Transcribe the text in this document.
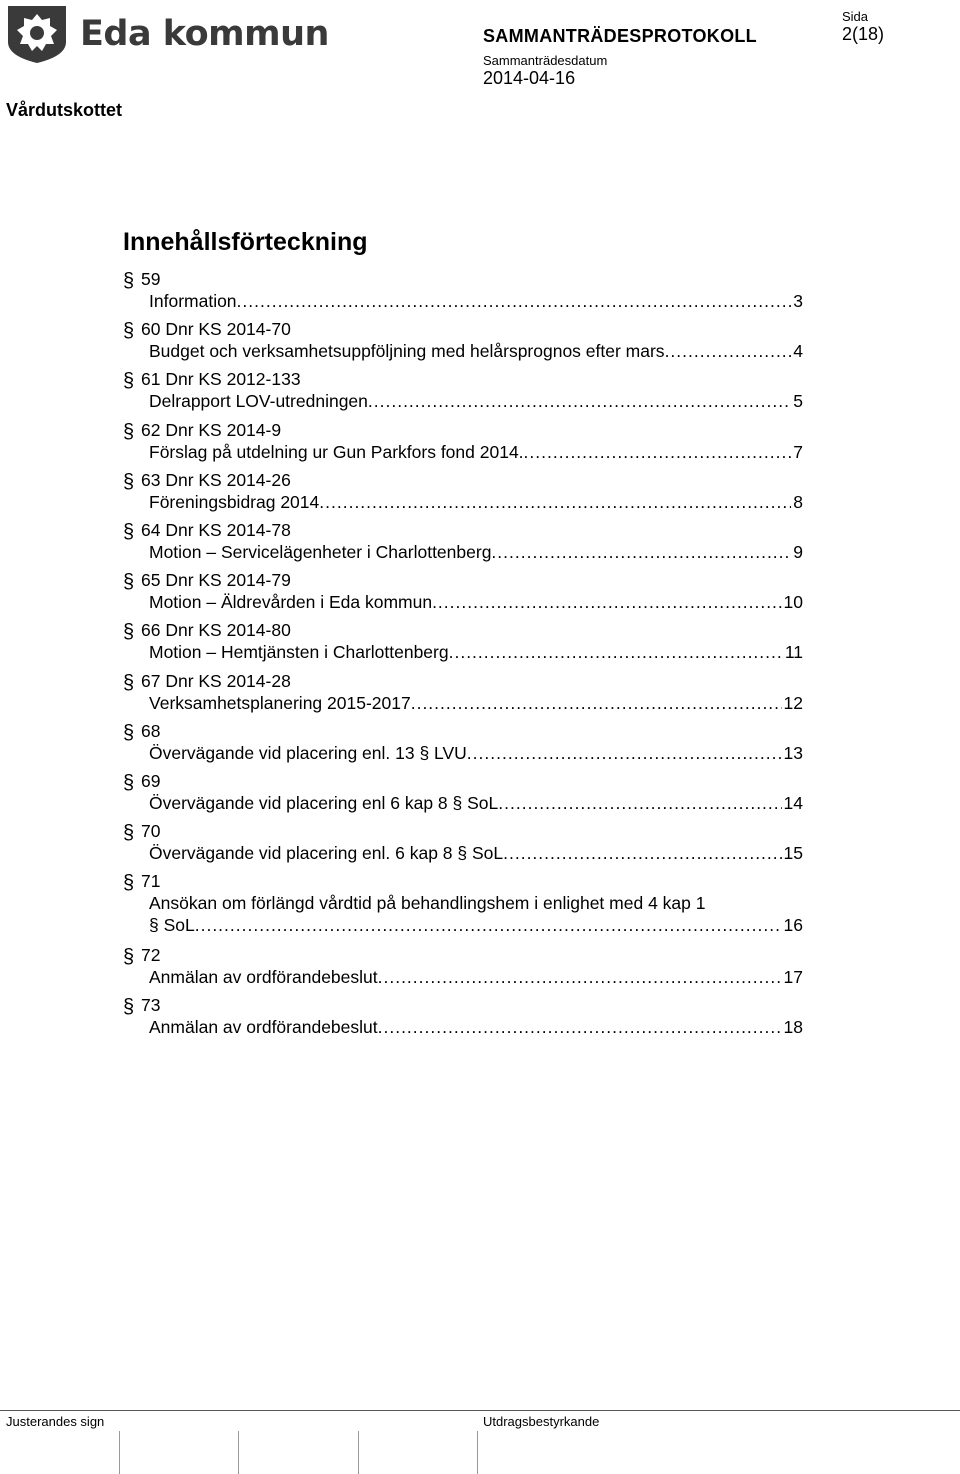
Eda kommun	SAMMANTRÄDESPROTOKOLL
Sammanträdesdatum
2014-04-16
Sida
2(18)
Vårdutskottet
Innehållsförteckning
§ 59
Information .....	3
§ 60 Dnr KS 2014-70
Budget och verksamhetsuppföljning med helårsprognos efter mars .....	4
§ 61 Dnr KS 2012-133
Delrapport LOV-utredningen .....	5
§ 62 Dnr KS 2014-9
Förslag på utdelning ur Gun Parkfors fond 2014. .....	7
§ 63 Dnr KS 2014-26
Föreningsbidrag 2014 .....	8
§ 64 Dnr KS 2014-78
Motion – Servicelägenheter i Charlottenberg .....	9
§ 65 Dnr KS 2014-79
Motion – Äldrevården i Eda kommun .....	10
§ 66 Dnr KS 2014-80
Motion – Hemtjänsten i Charlottenberg .....	11
§ 67 Dnr KS 2014-28
Verksamhetsplanering 2015-2017 .....	12
§ 68
Övervägande vid placering enl. 13 § LVU .....	13
§ 69
Övervägande vid placering enl 6 kap 8 § SoL .....	14
§ 70
Övervägande vid placering enl. 6 kap 8 § SoL .....	15
§ 71
Ansökan om förlängd vårdtid på behandlingshem i enlighet med 4 kap 1
§ SoL .....	16
§ 72
Anmälan av ordförandebeslut .....	17
§ 73
Anmälan av ordförandebeslut .....	18
Justerandes sign	Utdragsbestyrkande
